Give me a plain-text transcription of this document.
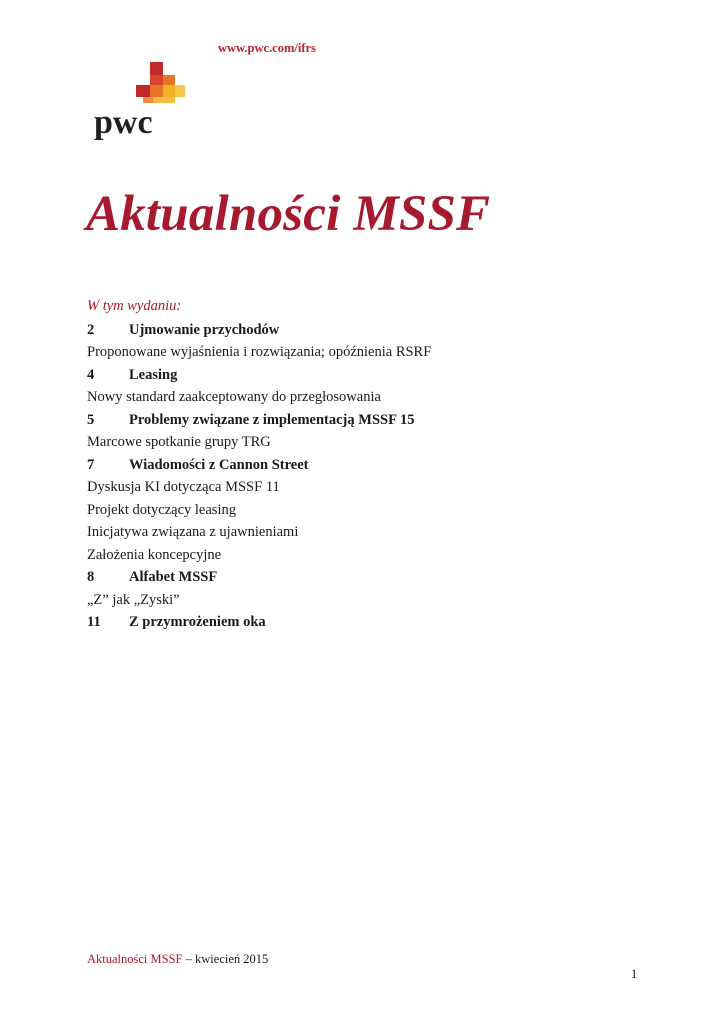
www.pwc.com/ifrs
pwc
Aktualności MSSF
W tym wydaniu:
2 Ujmowanie przychodów
Proponowane wyjaśnienia i rozwiązania; opóźnienia RSRF
4 Leasing
Nowy standard zaakceptowany do przegłosowania
5 Problemy związane z implementacją MSSF 15
Marcowe spotkanie grupy TRG
7 Wiadomości z Cannon Street
Dyskusja KI dotycząca MSSF 11
Projekt dotyczący leasing
Inicjatywa związana z ujawnieniami
Założenia koncepcyjne
8 Alfabet MSSF
„Z” jak „Zyski”
11 Z przymrożeniem oka
Aktualności MSSF – kwiecień 2015
1
